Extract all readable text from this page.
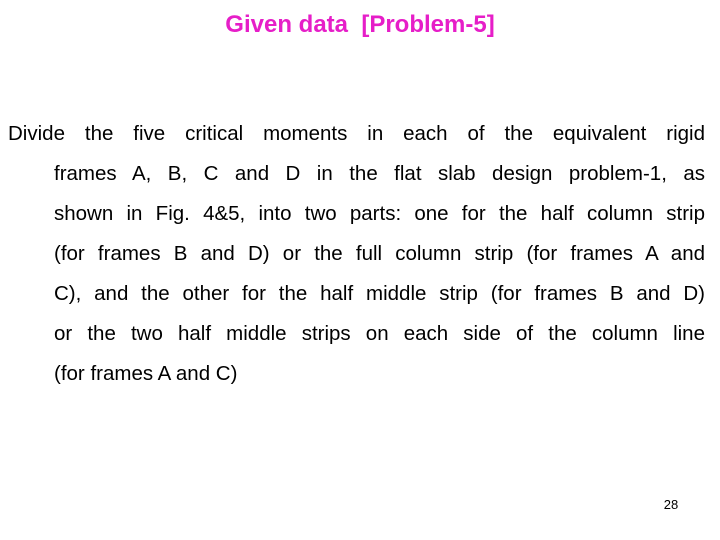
Given data  [Problem-5]
Divide the five critical moments in each of the equivalent rigid
frames A, B, C and D in the flat slab design problem-1, as
shown in Fig. 4&5, into two parts: one for the half column strip
(for frames B and D) or the full column strip (for frames A and
C), and the other for the half middle strip (for frames B and D)
or the two half middle strips on each side of the column line
(for frames A and C)
28
